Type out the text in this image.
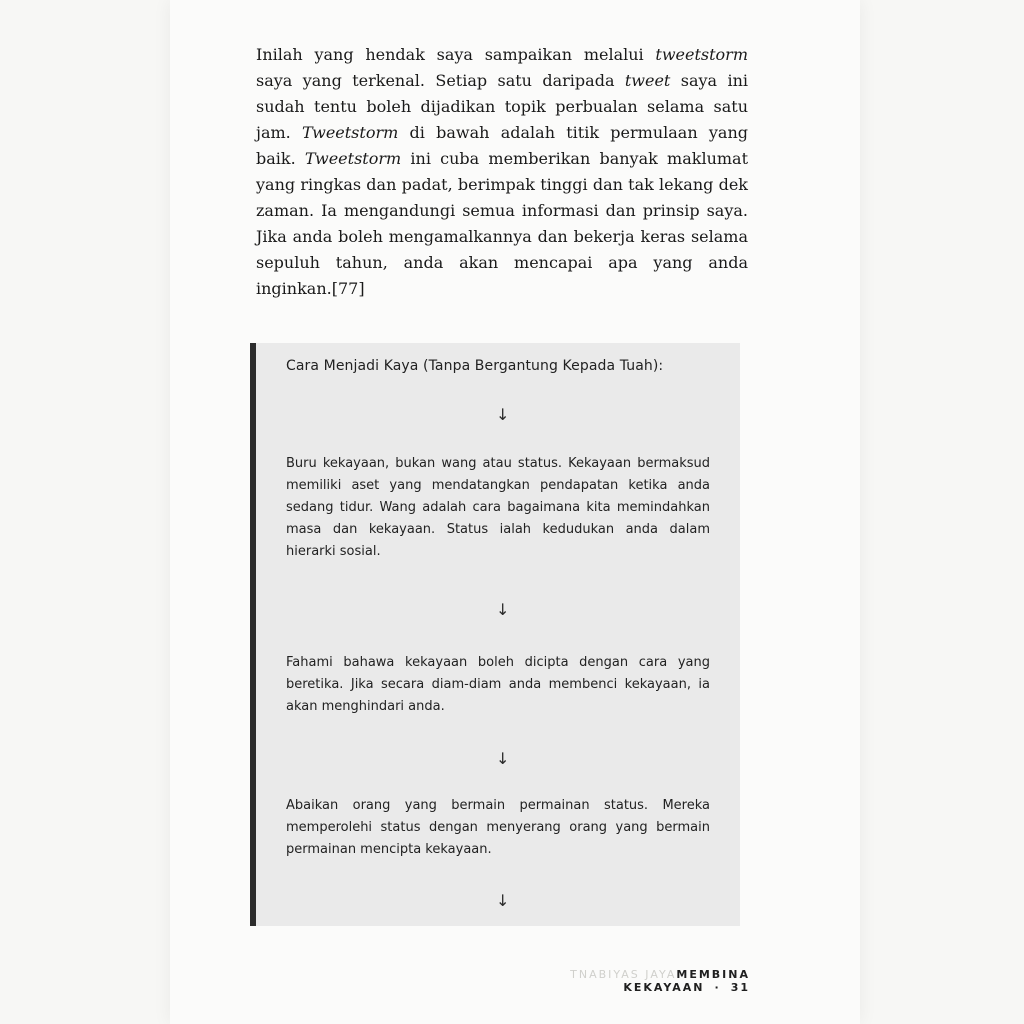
Inilah yang hendak saya sampaikan melalui tweetstorm saya yang terkenal. Setiap satu daripada tweet saya ini sudah tentu boleh dijadikan topik perbualan selama satu jam. Tweetstorm di bawah adalah titik permulaan yang baik. Tweetstorm ini cuba memberikan banyak maklumat yang ringkas dan padat, berimpak tinggi dan tak lekang dek zaman. Ia mengandungi semua informasi dan prinsip saya. Jika anda boleh mengamalkannya dan bekerja keras selama sepuluh tahun, anda akan mencapai apa yang anda inginkan.[77]

Cara Menjadi Kaya (Tanpa Bergantung Kepada Tuah):
↓

Buru kekayaan, bukan wang atau status. Kekayaan bermaksud memiliki aset yang mendatangkan pendapatan ketika anda sedang tidur. Wang adalah cara bagaimana kita memindahkan masa dan kekayaan. Status ialah kedudukan anda dalam hierarki sosial.

↓

Fahami bahawa kekayaan boleh dicipta dengan cara yang beretika. Jika secara diam-diam anda membenci kekayaan, ia akan menghindari anda.

↓

Abaikan orang yang bermain permainan status. Mereka memperolehi status dengan menyerang orang yang bermain permainan mencipta kekayaan.

↓
TNABIYAS JAYAMEMBINA KEKAYAAN · 31
